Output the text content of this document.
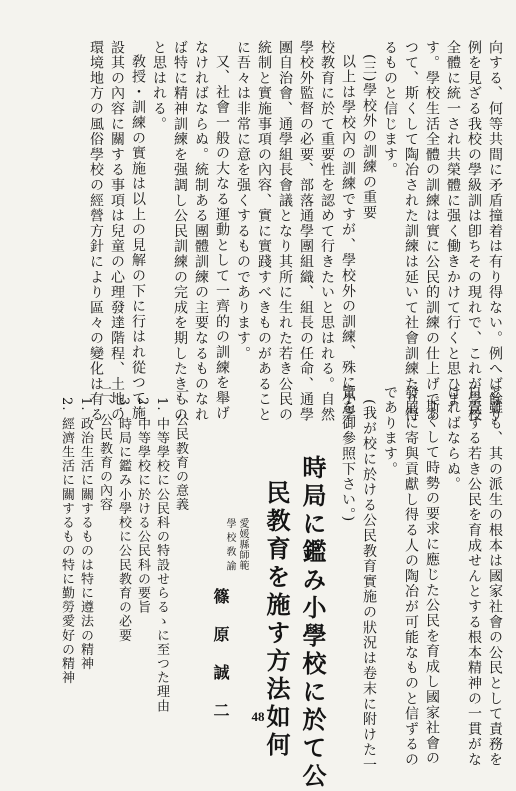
向する、何等共間に矛盾撞着は有り得ない。例へば餘り
例を見ざる我校の學級訓は卽ちその現れで、これが學校
全體に統一され共榮體に强く働きかけて行くと思ひま
す。學校生活全體の訓練は實に公民的訓練の仕上げであ
つて、斯くして陶冶された訓練は延いて社會訓練たり得
るものと信じます。
(三)學校外の訓練の重要
以上は學校內の訓練ですが、學校外の訓練、殊に小學
校教育に於て重要性を認めて行きたいと思はれる。自然
學校外監督の必要、部落通學團組織、組長の任命、通學
團自治會、通學組長會議となり其所に生れた若き公民の
統制と實施事項の內容、實に實踐すべきものがあること
に吾々は非常に意を强くするものであります。
又、社會一般の大なる運動として一齊的の訓練を舉げ
なければならぬ。統制ある團體訓練の主要なるものなれ
ば特に精神訓練を强調し公民訓練の完成を期したきもの
と思はれる。
敎授・訓練の實施は以上の見解の下に行はれ從つて施
設其の內容に關する事項は兒童の心理發達階程、土地の
環境地方の風俗學校の經營方針により區々の變化は有る
と雖も、其の派生の根本は國家社會の公民として責務を
自覺する若き公民を育成せんとする根本精神の一貫がな
ければならぬ。
斯くして時勢の要求に應じた公民を育成し國家社會の
發展に寄與貢獻し得る人の陶冶が可能なものと信ずるの
であります。
(我が校に於ける公民教育實施の狀況は卷末に附けた一
覽を御參照下さい。)
時局に鑑み小學校に於て公
民教育を施す方法如何
愛媛縣師範
學 校 敎 諭
篠原誠二
一、公民教育の意義
1. 中等學校に公民科の特設せらるゝに至つた理由
2. 中等學校に於ける公民科の要旨
3. 時局に鑑み小學校に公民教育の必要
二、公民教育の內容
1. 政治生活に關するものは特に遵法の精神
2. 經濟生活に關するもの特に勤勞愛好の精神
48
